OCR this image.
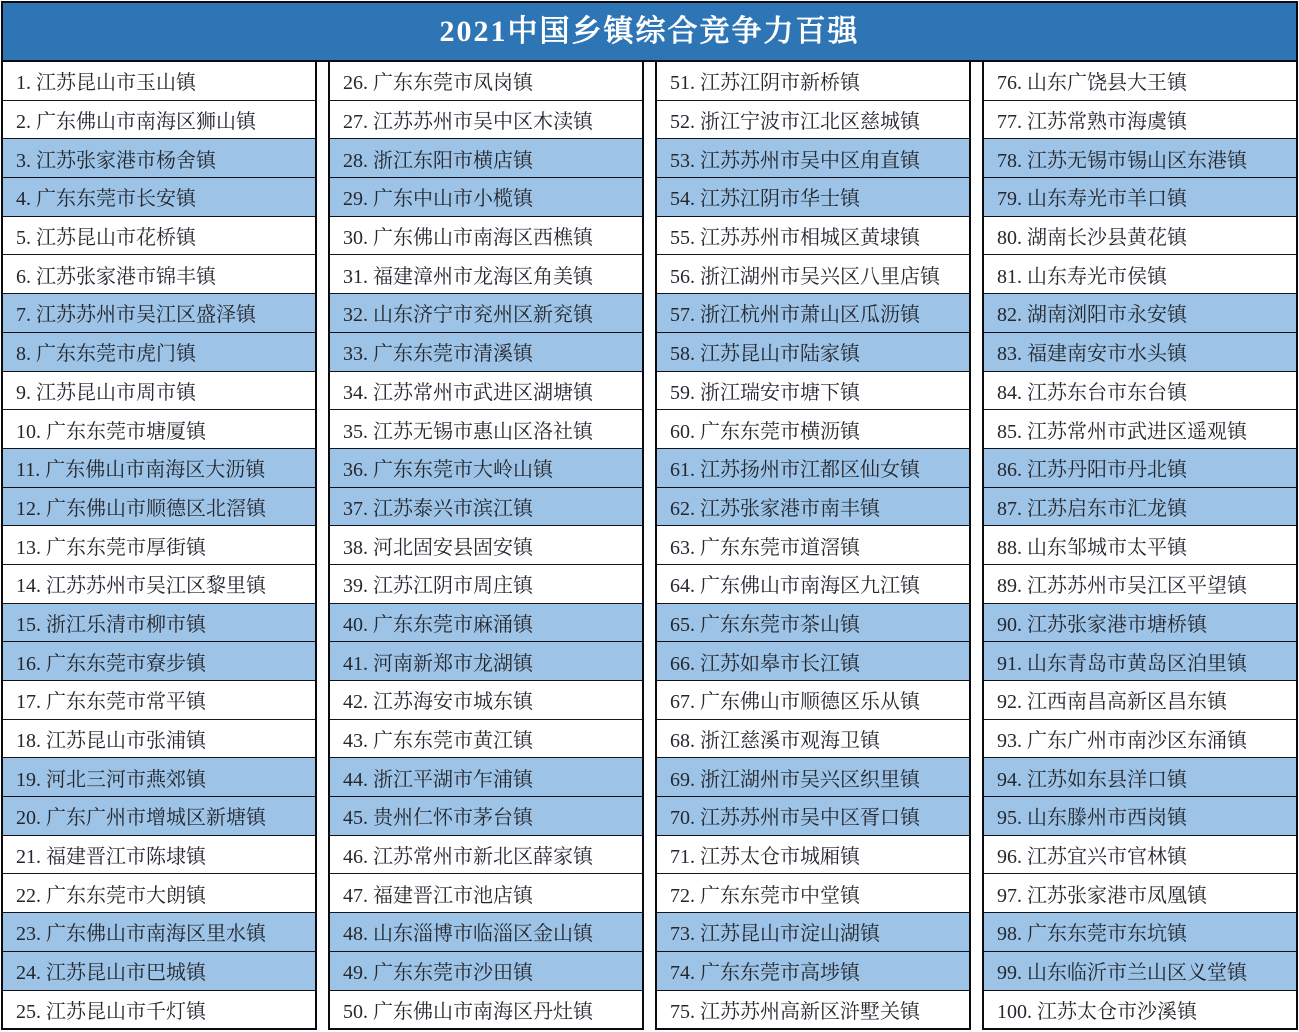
2021中国乡镇综合竞争力百强
1. 江苏昆山市玉山镇
2. 广东佛山市南海区狮山镇
3. 江苏张家港市杨舍镇
4. 广东东莞市长安镇
5. 江苏昆山市花桥镇
6. 江苏张家港市锦丰镇
7. 江苏苏州市吴江区盛泽镇
8. 广东东莞市虎门镇
9. 江苏昆山市周市镇
10. 广东东莞市塘厦镇
11. 广东佛山市南海区大沥镇
12. 广东佛山市顺德区北滘镇
13. 广东东莞市厚街镇
14. 江苏苏州市吴江区黎里镇
15. 浙江乐清市柳市镇
16. 广东东莞市寮步镇
17. 广东东莞市常平镇
18. 江苏昆山市张浦镇
19. 河北三河市燕郊镇
20. 广东广州市增城区新塘镇
21. 福建晋江市陈埭镇
22. 广东东莞市大朗镇
23. 广东佛山市南海区里水镇
24. 江苏昆山市巴城镇
25. 江苏昆山市千灯镇
26. 广东东莞市凤岗镇
27. 江苏苏州市吴中区木渎镇
28. 浙江东阳市横店镇
29. 广东中山市小榄镇
30. 广东佛山市南海区西樵镇
31. 福建漳州市龙海区角美镇
32. 山东济宁市兖州区新兖镇
33. 广东东莞市清溪镇
34. 江苏常州市武进区湖塘镇
35. 江苏无锡市惠山区洛社镇
36. 广东东莞市大岭山镇
37. 江苏泰兴市滨江镇
38. 河北固安县固安镇
39. 江苏江阴市周庄镇
40. 广东东莞市麻涌镇
41. 河南新郑市龙湖镇
42. 江苏海安市城东镇
43. 广东东莞市黄江镇
44. 浙江平湖市乍浦镇
45. 贵州仁怀市茅台镇
46. 江苏常州市新北区薛家镇
47. 福建晋江市池店镇
48. 山东淄博市临淄区金山镇
49. 广东东莞市沙田镇
50. 广东佛山市南海区丹灶镇
51. 江苏江阴市新桥镇
52. 浙江宁波市江北区慈城镇
53. 江苏苏州市吴中区甪直镇
54. 江苏江阴市华士镇
55. 江苏苏州市相城区黄埭镇
56. 浙江湖州市吴兴区八里店镇
57. 浙江杭州市萧山区瓜沥镇
58. 江苏昆山市陆家镇
59. 浙江瑞安市塘下镇
60. 广东东莞市横沥镇
61. 江苏扬州市江都区仙女镇
62. 江苏张家港市南丰镇
63. 广东东莞市道滘镇
64. 广东佛山市南海区九江镇
65. 广东东莞市茶山镇
66. 江苏如皋市长江镇
67. 广东佛山市顺德区乐从镇
68. 浙江慈溪市观海卫镇
69. 浙江湖州市吴兴区织里镇
70. 江苏苏州市吴中区胥口镇
71. 江苏太仓市城厢镇
72. 广东东莞市中堂镇
73. 江苏昆山市淀山湖镇
74. 广东东莞市高埗镇
75. 江苏苏州高新区浒墅关镇
76. 山东广饶县大王镇
77. 江苏常熟市海虞镇
78. 江苏无锡市锡山区东港镇
79. 山东寿光市羊口镇
80. 湖南长沙县黄花镇
81. 山东寿光市侯镇
82. 湖南浏阳市永安镇
83. 福建南安市水头镇
84. 江苏东台市东台镇
85. 江苏常州市武进区遥观镇
86. 江苏丹阳市丹北镇
87. 江苏启东市汇龙镇
88. 山东邹城市太平镇
89. 江苏苏州市吴江区平望镇
90. 江苏张家港市塘桥镇
91. 山东青岛市黄岛区泊里镇
92. 江西南昌高新区昌东镇
93. 广东广州市南沙区东涌镇
94. 江苏如东县洋口镇
95. 山东滕州市西岗镇
96. 江苏宜兴市官林镇
97. 江苏张家港市凤凰镇
98. 广东东莞市东坑镇
99. 山东临沂市兰山区义堂镇
100. 江苏太仓市沙溪镇
